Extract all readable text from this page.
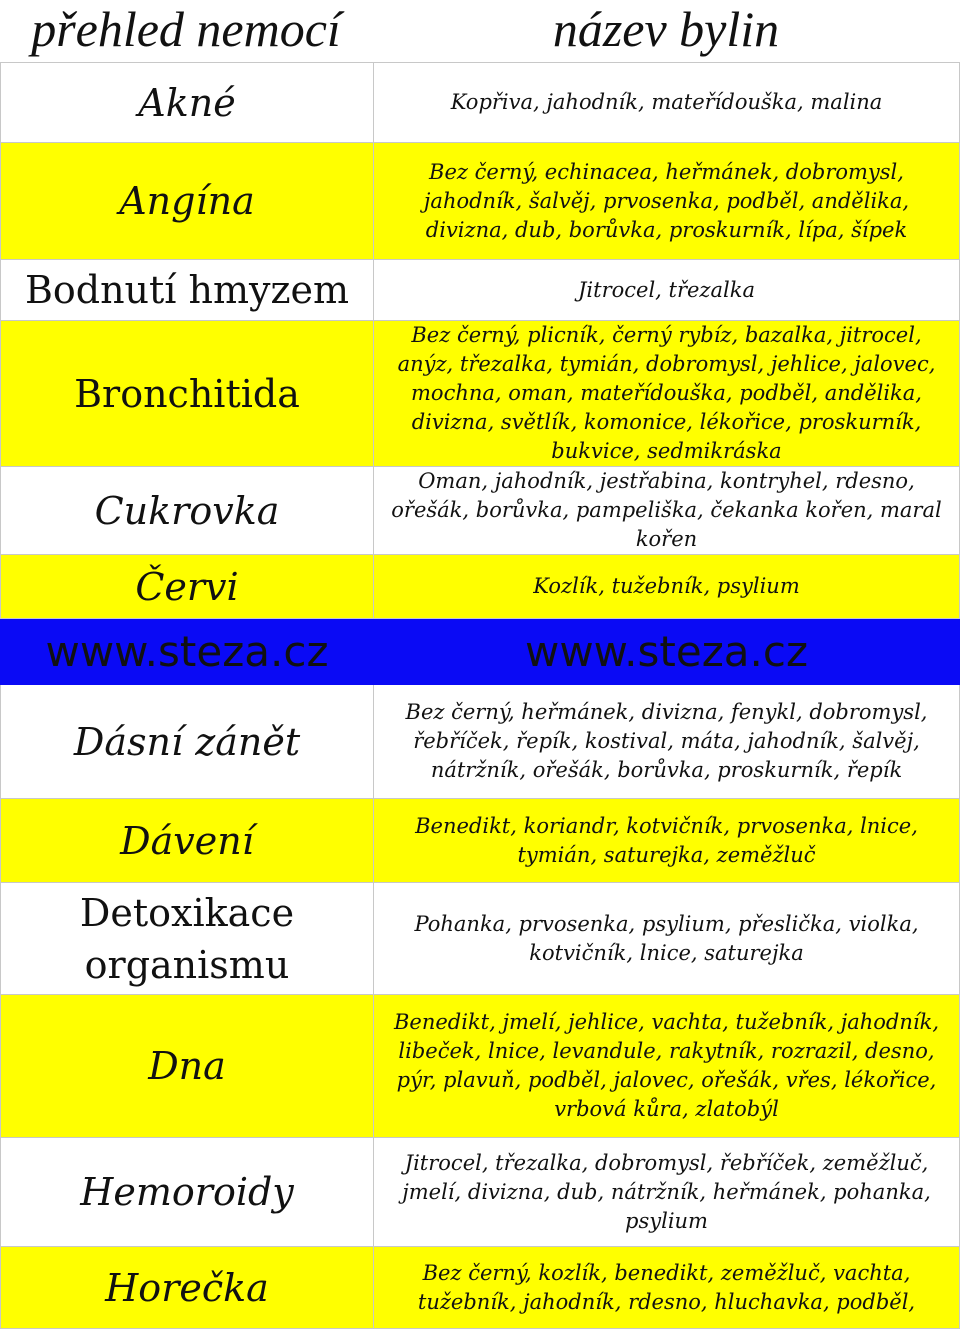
přehled nemocí	název bylin
Akné	Kopřiva, jahodník, mateřídouška, malina
Angína	Bez černý, echinacea, heřmánek, dobromysl, jahodník, šalvěj, prvosenka, podběl, andělika, divizna, dub, borůvka, proskurník, lípa, šípek
Bodnutí hmyzem	Jitrocel, třezalka
Bronchitida	Bez černý, plicník, černý rybíz, bazalka, jitrocel, anýz, třezalka, tymián, dobromysl, jehlice, jalovec, mochna, oman, mateřídouška, podběl, andělika, divizna, světlík, komonice, lékořice, proskurník, bukvice, sedmikráska
Cukrovka	Oman, jahodník, jestřabina, kontryhel, rdesno, ořešák, borůvka, pampeliška, čekanka kořen, maral kořen
Červi	Kozlík, tužebník, psylium
www.steza.cz	www.steza.cz
Dásní zánět	Bez černý, heřmánek, divizna, fenykl, dobromysl, řebříček, řepík, kostival, máta, jahodník, šalvěj, nátržník, ořešák, borůvka, proskurník, řepík
Dávení	Benedikt, koriandr, kotvičník, prvosenka, lnice, tymián, saturejka, zeměžluč
Detoxikace organismu	Pohanka, prvosenka, psylium, přeslička, violka, kotvičník, lnice, saturejka
Dna	Benedikt, jmelí, jehlice, vachta, tužebník, jahodník, libeček, lnice, levandule, rakytník, rozrazil, desno, pýr, plavuň, podběl, jalovec, ořešák, vřes, lékořice, vrbová kůra, zlatobýl
Hemoroidy	Jitrocel, třezalka, dobromysl, řebříček, zeměžluč, jmelí, divizna, dub, nátržník, heřmánek, pohanka, psylium
Horečka	Bez černý, kozlík, benedikt, zeměžluč, vachta, tužebník, jahodník, rdesno, hluchavka, podběl,
